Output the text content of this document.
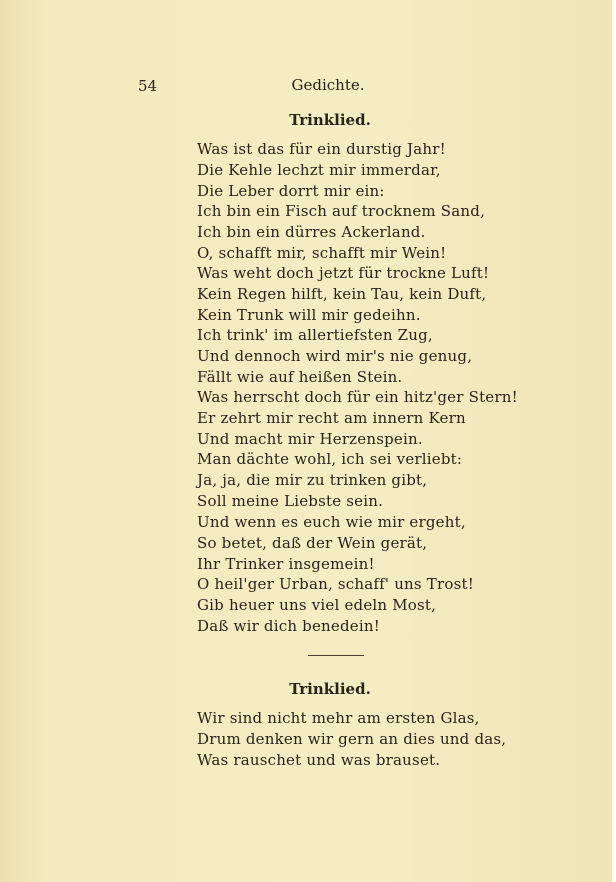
54	Gedichte.
Trinklied.
Was ist das für ein durstig Jahr!
Die Kehle lechzt mir immerdar,
Die Leber dorrt mir ein:
Ich bin ein Fisch auf trocknem Sand,
Ich bin ein dürres Ackerland.
O, schafft mir, schafft mir Wein!
Was weht doch jetzt für trockne Luft!
Kein Regen hilft, kein Tau, kein Duft,
Kein Trunk will mir gedeihn.
Ich trink' im allertiefsten Zug,
Und dennoch wird mir's nie genug,
Fällt wie auf heißen Stein.
Was herrscht doch für ein hitz'ger Stern!
Er zehrt mir recht am innern Kern
Und macht mir Herzenspein.
Man dächte wohl, ich sei verliebt:
Ja, ja, die mir zu trinken gibt,
Soll meine Liebste sein.
Und wenn es euch wie mir ergeht,
So betet, daß der Wein gerät,
Ihr Trinker insgemein!
O heil'ger Urban, schaff' uns Trost!
Gib heuer uns viel edeln Most,
Daß wir dich benedein!
Trinklied.
Wir sind nicht mehr am ersten Glas,
Drum denken wir gern an dies und das,
Was rauschet und was brauset.
